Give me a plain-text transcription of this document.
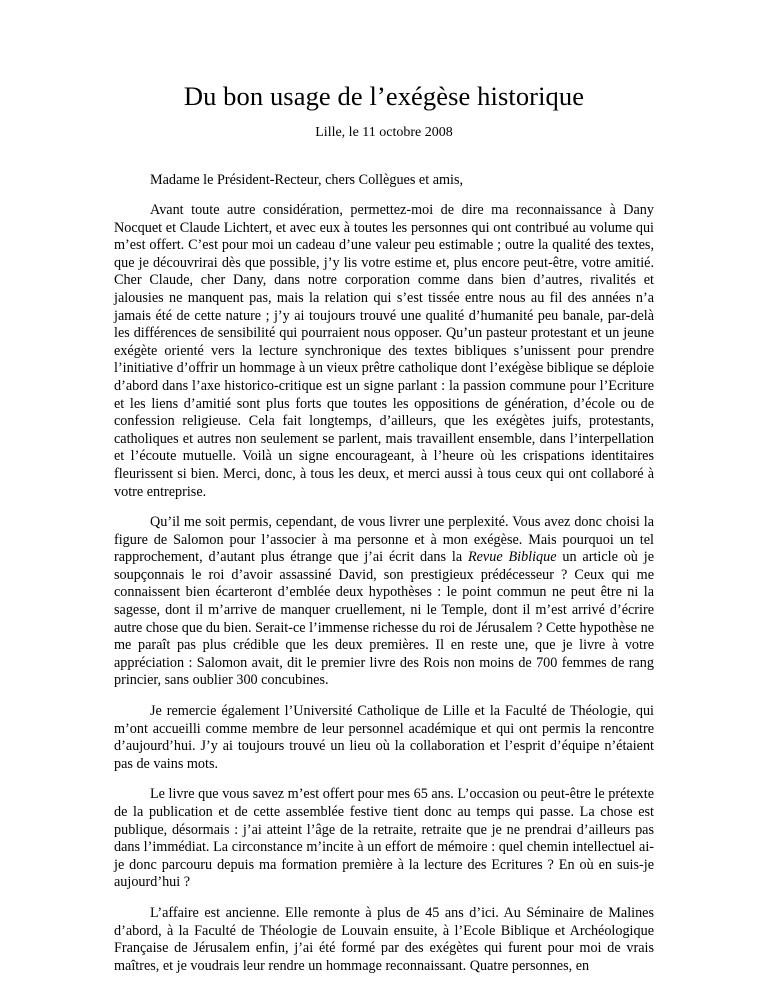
Du bon usage de l’exégèse historique
Lille, le 11 octobre 2008
Madame le Président-Recteur, chers Collègues et amis,

Avant toute autre considération, permettez-moi de dire ma reconnaissance à Dany Nocquet et Claude Lichtert, et avec eux à toutes les personnes qui ont contribué au volume qui m’est offert. C’est pour moi un cadeau d’une valeur peu estimable ; outre la qualité des textes, que je découvrirai dès que possible, j’y lis votre estime et, plus encore peut-être, votre amitié. Cher Claude, cher Dany, dans notre corporation comme dans bien d’autres, rivalités et jalousies ne manquent pas, mais la relation qui s’est tissée entre nous au fil des années n’a jamais été de cette nature ; j’y ai toujours trouvé une qualité d’humanité peu banale, par-delà les différences de sensibilité qui pourraient nous opposer. Qu’un pasteur protestant et un jeune exégète orienté vers la lecture synchronique des textes bibliques s’unissent pour prendre l’initiative d’offrir un hommage à un vieux prêtre catholique dont l’exégèse biblique se déploie d’abord dans l’axe historico-critique est un signe parlant : la passion commune pour l’Ecriture et les liens d’amitié sont plus forts que toutes les oppositions de génération, d’école ou de confession religieuse. Cela fait longtemps, d’ailleurs, que les exégètes juifs, protestants, catholiques et autres non seulement se parlent, mais travaillent ensemble, dans l’interpellation et l’écoute mutuelle. Voilà un signe encourageant, à l’heure où les crispations identitaires fleurissent si bien. Merci, donc, à tous les deux, et merci aussi à tous ceux qui ont collaboré à votre entreprise.

Qu’il me soit permis, cependant, de vous livrer une perplexité. Vous avez donc choisi la figure de Salomon pour l’associer à ma personne et à mon exégèse. Mais pourquoi un tel rapprochement, d’autant plus étrange que j’ai écrit dans la Revue Biblique un article où je soupçonnais le roi d’avoir assassiné David, son prestigieux prédécesseur ? Ceux qui me connaissent bien écarteront d’emblée deux hypothèses : le point commun ne peut être ni la sagesse, dont il m’arrive de manquer cruellement, ni le Temple, dont il m’est arrivé d’écrire autre chose que du bien. Serait-ce l’immense richesse du roi de Jérusalem ? Cette hypothèse ne me paraît pas plus crédible que les deux premières. Il en reste une, que je livre à votre appréciation : Salomon avait, dit le premier livre des Rois non moins de 700 femmes de rang princier, sans oublier 300 concubines.

Je remercie également l’Université Catholique de Lille et la Faculté de Théologie, qui m’ont accueilli comme membre de leur personnel académique et qui ont permis la rencontre d’aujourd’hui. J’y ai toujours trouvé un lieu où la collaboration et l’esprit d’équipe n’étaient pas de vains mots.

Le livre que vous savez m’est offert pour mes 65 ans. L’occasion ou peut-être le prétexte de la publication et de cette assemblée festive tient donc au temps qui passe. La chose est publique, désormais : j’ai atteint l’âge de la retraite, retraite que je ne prendrai d’ailleurs pas dans l’immédiat. La circonstance m’incite à un effort de mémoire : quel chemin intellectuel ai-je donc parcouru depuis ma formation première à la lecture des Ecritures ? En où en suis-je aujourd’hui ?

L’affaire est ancienne. Elle remonte à plus de 45 ans d’ici. Au Séminaire de Malines d’abord, à la Faculté de Théologie de Louvain ensuite, à l’Ecole Biblique et Archéologique Française de Jérusalem enfin, j’ai été formé par des exégètes qui furent pour moi de vrais maîtres, et je voudrais leur rendre un hommage reconnaissant. Quatre personnes, en
